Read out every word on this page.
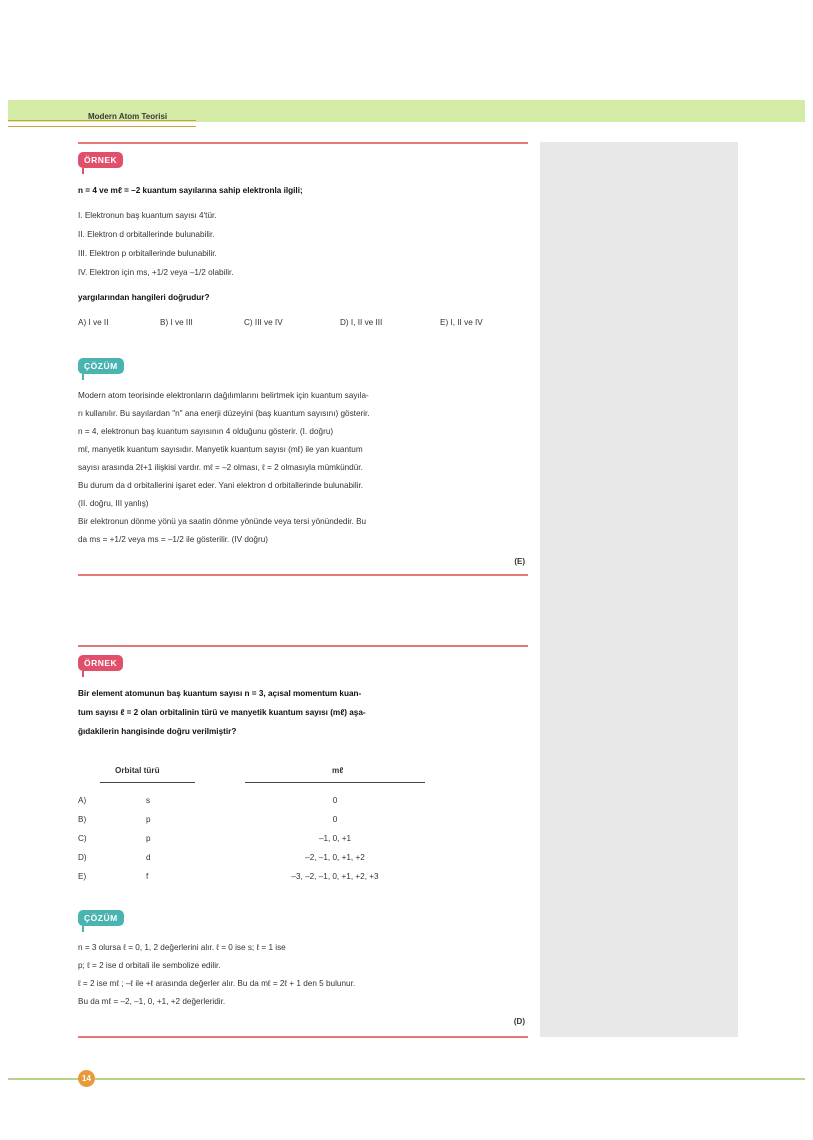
Modern Atom Teorisi
ÖRNEK
n = 4 ve mℓ = –2 kuantum sayılarına sahip elektronla ilgili;
I. Elektronun baş kuantum sayısı 4'tür.
II. Elektron d orbitallerinde bulunabilir.
III. Elektron p orbitallerinde bulunabilir.
IV. Elektron için ms, +1/2 veya –1/2 olabilir.
yargılarından hangileri doğrudur?
A) I ve II	B) I ve III	C) III ve IV	D) I, II ve III	E) I, II ve IV
ÇÖZÜM
Modern atom teorisinde elektronların dağılımlarını belirtmek için kuantum sayıla-
rı kullanılır. Bu sayılardan "n" ana enerji düzeyini (baş kuantum sayısını) gösterir.
n = 4, elektronun baş kuantum sayısının 4 olduğunu gösterir. (I. doğru)
mℓ, manyetik kuantum sayısıdır. Manyetik kuantum sayısı (mℓ) ile yan kuantum
sayısı arasında 2ℓ+1 ilişkisi vardır. mℓ = –2 olması, ℓ = 2 olmasıyla mümkündür.
Bu durum da d orbitallerini işaret eder. Yani elektron d orbitallerinde bulunabilir.
(II. doğru, III yanlış)
Bir elektronun dönme yönü ya saatin dönme yönünde veya tersi yönündedir. Bu
da ms = +1/2 veya ms = –1/2 ile gösterilir. (IV doğru)
(E)
ÖRNEK
Bir element atomunun baş kuantum sayısı n = 3, açısal momentum kuan-
tum sayısı ℓ = 2 olan orbitalinin türü ve manyetik kuantum sayısı (mℓ) aşa-
ğıdakilerin hangisinde doğru verilmiştir?
Orbital türü	mℓ
A)	s	0
B)	p	0
C)	p	–1, 0, +1
D)	d	–2, –1, 0, +1, +2
E)	f	–3, –2, –1, 0, +1, +2, +3
ÇÖZÜM
n = 3 olursa ℓ = 0, 1, 2 değerlerini alır. ℓ = 0 ise s; ℓ = 1 ise
p; ℓ = 2 ise d orbitali ile sembolize edilir.
ℓ = 2 ise mℓ ; –ℓ ile +ℓ arasında değerler alır. Bu da mℓ = 2ℓ + 1 den 5 bulunur.
Bu da mℓ = –2, –1, 0, +1, +2 değerleridir.
(D)
14
